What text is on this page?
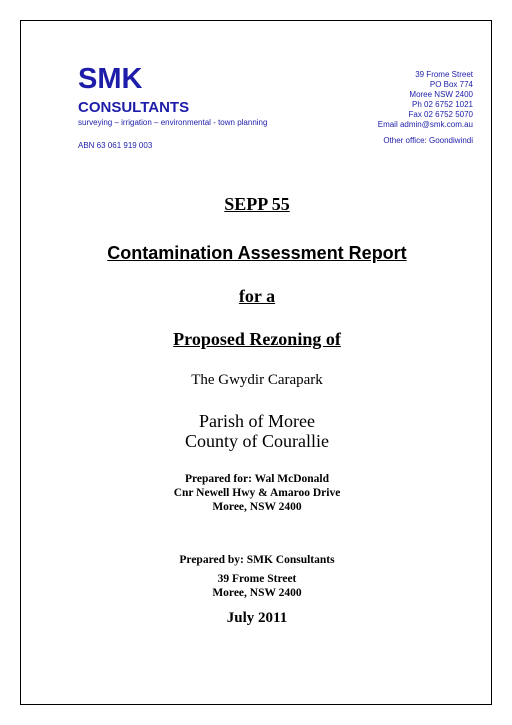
SMK
CONSULTANTS
surveying – irrigation – environmental - town planning
ABN 63 061 919 003
39 Frome Street
PO Box 774
Moree NSW 2400
Ph 02 6752 1021
Fax 02 6752 5070
Email admin@smk.com.au
Other office: Goondiwindi
SEPP 55
Contamination Assessment Report
for a
Proposed Rezoning of
The Gwydir Carapark
Parish of Moree
County of Courallie
Prepared for: Wal McDonald
Cnr Newell Hwy & Amaroo Drive
Moree, NSW 2400
Prepared by: SMK Consultants
39 Frome Street
Moree, NSW 2400
July 2011
